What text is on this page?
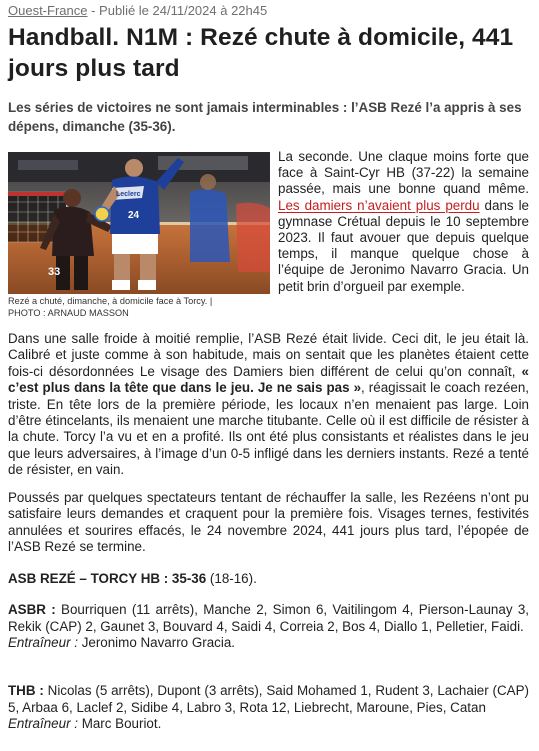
Ouest-France - Publié le 24/11/2024 à 22h45
Handball. N1M : Rezé chute à domicile, 441 jours plus tard

Les séries de victoires ne sont jamais interminables : l’ASB Rezé l’a appris à ses dépens, dimanche (35-36).

33
Leclerc
24
Rezé a chuté, dimanche, à domicile face à Torcy. |
PHOTO : ARNAUD MASSON

La seconde. Une claque moins forte que face à Saint-Cyr HB (37-22) la semaine passée, mais une bonne quand même. Les damiers n’avaient plus perdu dans le gymnase Crétual depuis le 10 septembre 2023. Il faut avouer que depuis quelque temps, il manque quelque chose à l’équipe de Jeronimo Navarro Gracia. Un petit brin d’orgueil par exemple.

Dans une salle froide à moitié remplie, l’ASB Rezé était livide. Ceci dit, le jeu était là. Calibré et juste comme à son habitude, mais on sentait que les planètes étaient cette fois-ci désordonnées Le visage des Damiers bien différent de celui qu’on connaît, « c’est plus dans la tête que dans le jeu. Je ne sais pas », réagissait le coach rezéen, triste. En tête lors de la première période, les locaux n’en menaient pas large. Loin d’être étincelants, ils menaient une marche titubante. Celle où il est difficile de résister à la chute. Torcy l’a vu et en a profité. Ils ont été plus consistants et réalistes dans le jeu que leurs adversaires, à l’image d’un 0-5 infligé dans les derniers instants. Rezé a tenté de résister, en vain.

Poussés par quelques spectateurs tentant de réchauffer la salle, les Rezéens n’ont pu satisfaire leurs demandes et craquent pour la première fois. Visages ternes, festivités annulées et sourires effacés, le 24 novembre 2024, 441 jours plus tard, l’épopée de l’ASB Rezé se termine.

ASB REZÉ – TORCY HB : 35-36 (18-16).

ASBR : Bourriquen (11 arrêts), Manche 2, Simon 6, Vaitilingom 4, Pierson-Launay 3, Rekik (CAP) 2, Gaunet 3, Bouvard 4, Saidi 4, Correia 2, Bos 4, Diallo 1, Pelletier, Faidi.
Entraîneur : Jeronimo Navarro Gracia.

THB : Nicolas (5 arrêts), Dupont (3 arrêts), Said Mohamed 1, Rudent 3, Lachaier (CAP) 5, Arbaa 6, Laclef 2, Sidibe 4, Labro 3, Rota 12, Liebrecht, Maroune, Pies, Catan
Entraîneur : Marc Bouriot.
